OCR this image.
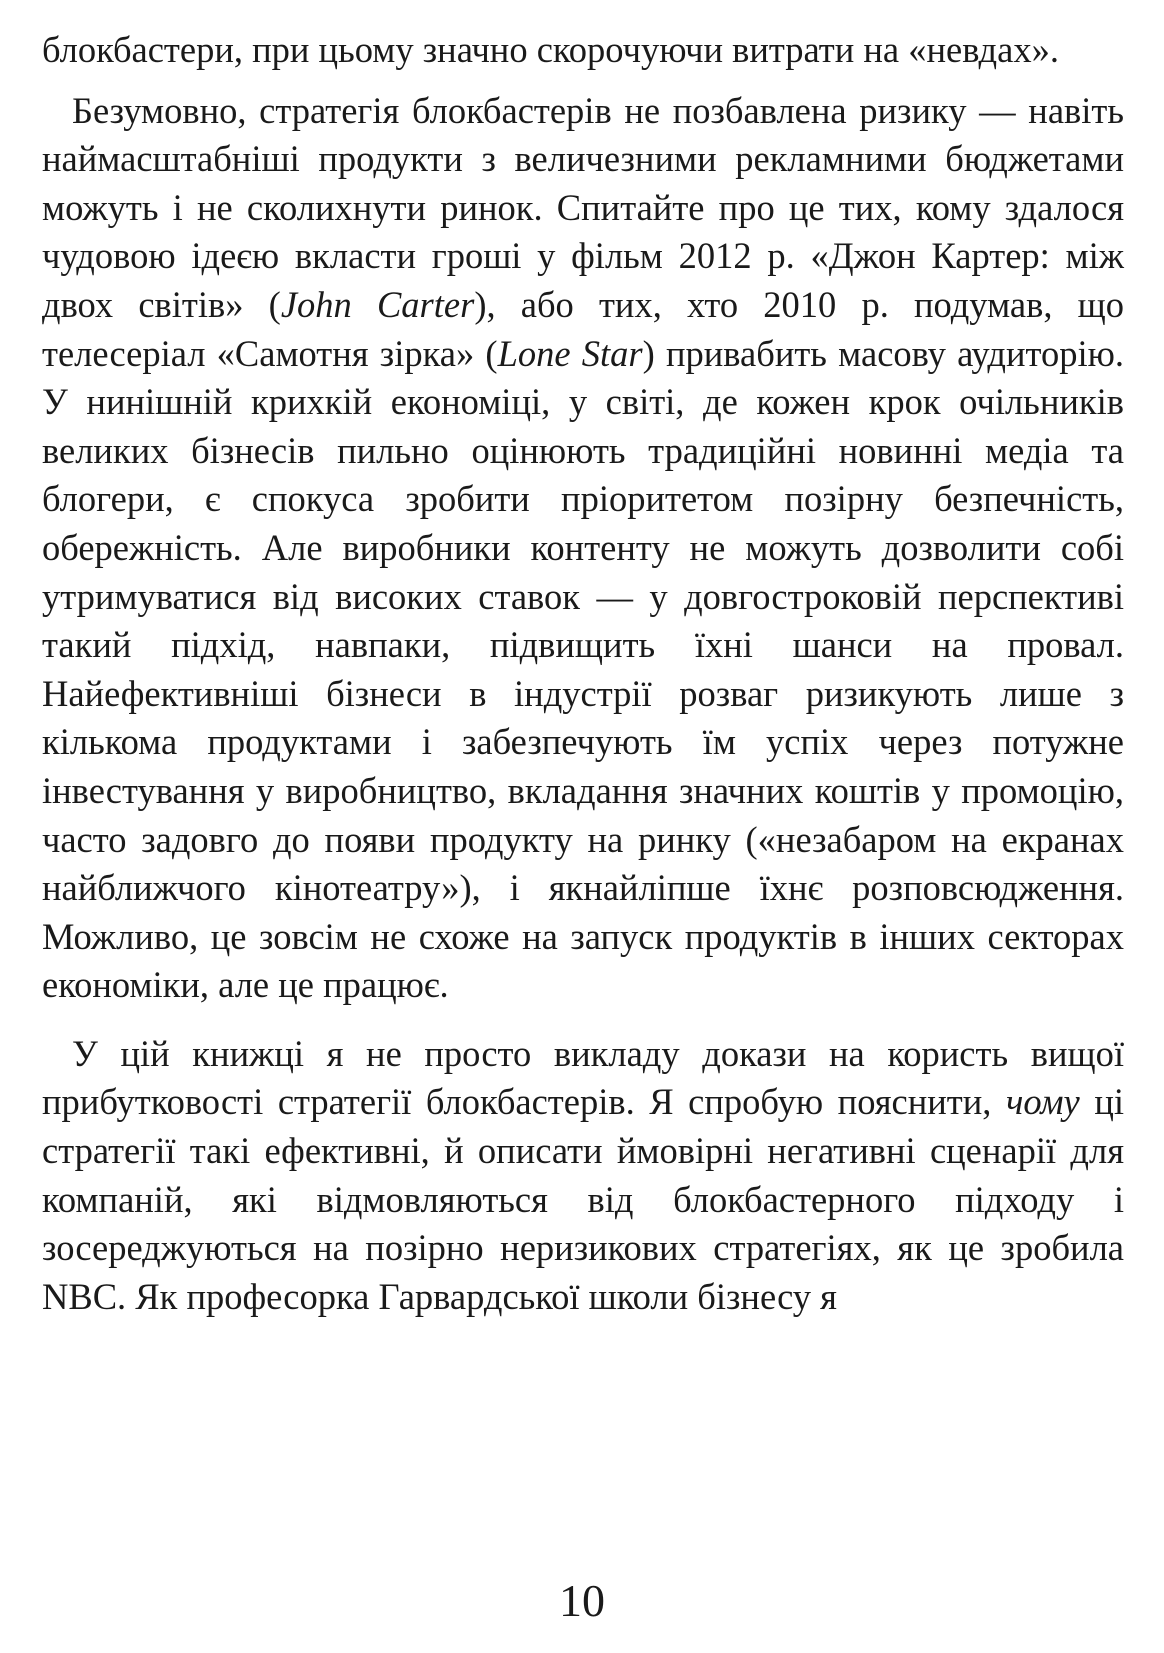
блокбастери, при цьому значно скорочуючи витрати на «невдах».

Безумовно, стратегія блокбастерів не позбавлена ризику — навіть наймасштабніші продукти з величезними рекламними бюджетами можуть і не сколихнути ринок. Спитайте про це тих, кому здалося чудовою ідеєю вкласти гроші у фільм 2012 р. «Джон Картер: між двох світів» (John Carter), або тих, хто 2010 р. подумав, що телесеріал «Самотня зірка» (Lone Star) привабить масову аудиторію. У нинішній крихкій економіці, у світі, де кожен крок очільників великих бізнесів пильно оцінюють традиційні новинні медіа та блогери, є спокуса зробити пріоритетом позірну безпечність, обережність. Але виробники контенту не можуть дозволити собі утримуватися від високих ставок — у довгостроковій перспективі такий підхід, навпаки, підвищить їхні шанси на провал. Найефективніші бізнеси в індустрії розваг ризикують лише з кількома продуктами і забезпечують їм успіх через потужне інвестування у виробництво, вкладання значних коштів у промоцію, часто задовго до появи продукту на ринку («незабаром на екранах найближчого кінотеатру»), і якнайліпше їхнє розповсюдження. Можливо, це зовсім не схоже на запуск продуктів в інших секторах економіки, але це працює.

У цій книжці я не просто викладу докази на користь вищої прибутковості стратегії блокбастерів. Я спробую пояснити, чому ці стратегії такі ефективні, й описати ймовірні негативні сценарії для компаній, які відмовляються від блокбастерного підходу і зосереджуються на позірно неризикових стратегіях, як це зробила NBC. Як професорка Гарвардської школи бізнесу я

10
